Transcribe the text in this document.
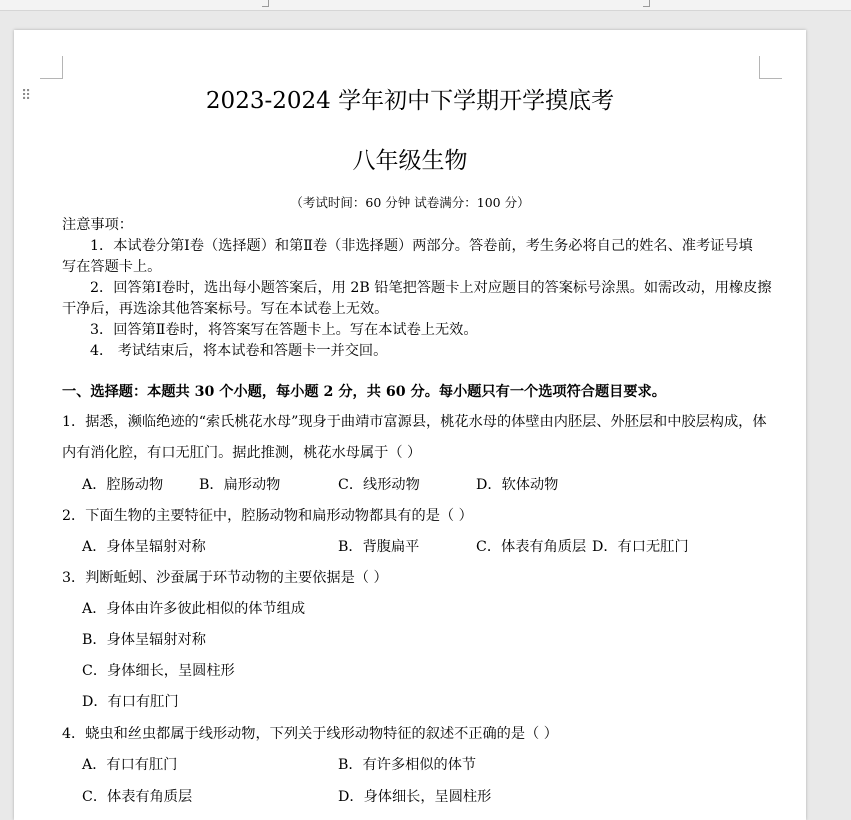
⠿	2023-2024 学年初中下学期开学摸底考
八年级生物
（考试时间：60 分钟 试卷满分：100 分）
注意事项：
1．本试卷分第Ⅰ卷（选择题）和第Ⅱ卷（非选择题）两部分。答卷前，考生务必将自己的姓名、准考证号填
写在答题卡上。
2．回答第Ⅰ卷时，选出每小题答案后，用 2B 铅笔把答题卡上对应题目的答案标号涂黑。如需改动，用橡皮擦
干净后，再选涂其他答案标号。写在本试卷上无效。
3．回答第Ⅱ卷时，将答案写在答题卡上。写在本试卷上无效。
4． 考试结束后，将本试卷和答题卡一并交回。
一、选择题：本题共 30 个小题，每小题 2 分，共 60 分。每小题只有一个选项符合题目要求。
1．据悉，濒临绝迹的“索氏桃花水母”现身于曲靖市富源县，桃花水母的体壁由内胚层、外胚层和中胶层构成，体
内有消化腔，有口无肛门。据此推测，桃花水母属于（ ）
A．腔肠动物	B．扁形动物	C．线形动物	D．软体动物
2．下面生物的主要特征中，腔肠动物和扁形动物都具有的是（ ）
A．身体呈辐射对称	B．背腹扁平	C．体表有角质层 D．有口无肛门
3．判断蚯蚓、沙蚕属于环节动物的主要依据是（ ）
A．身体由许多彼此相似的体节组成
B．身体呈辐射对称
C．身体细长，呈圆柱形
D．有口有肛门
4．蛲虫和丝虫都属于线形动物，下列关于线形动物特征的叙述不正确的是（ ）
A．有口有肛门	B．有许多相似的体节
C．体表有角质层	D．身体细长，呈圆柱形
